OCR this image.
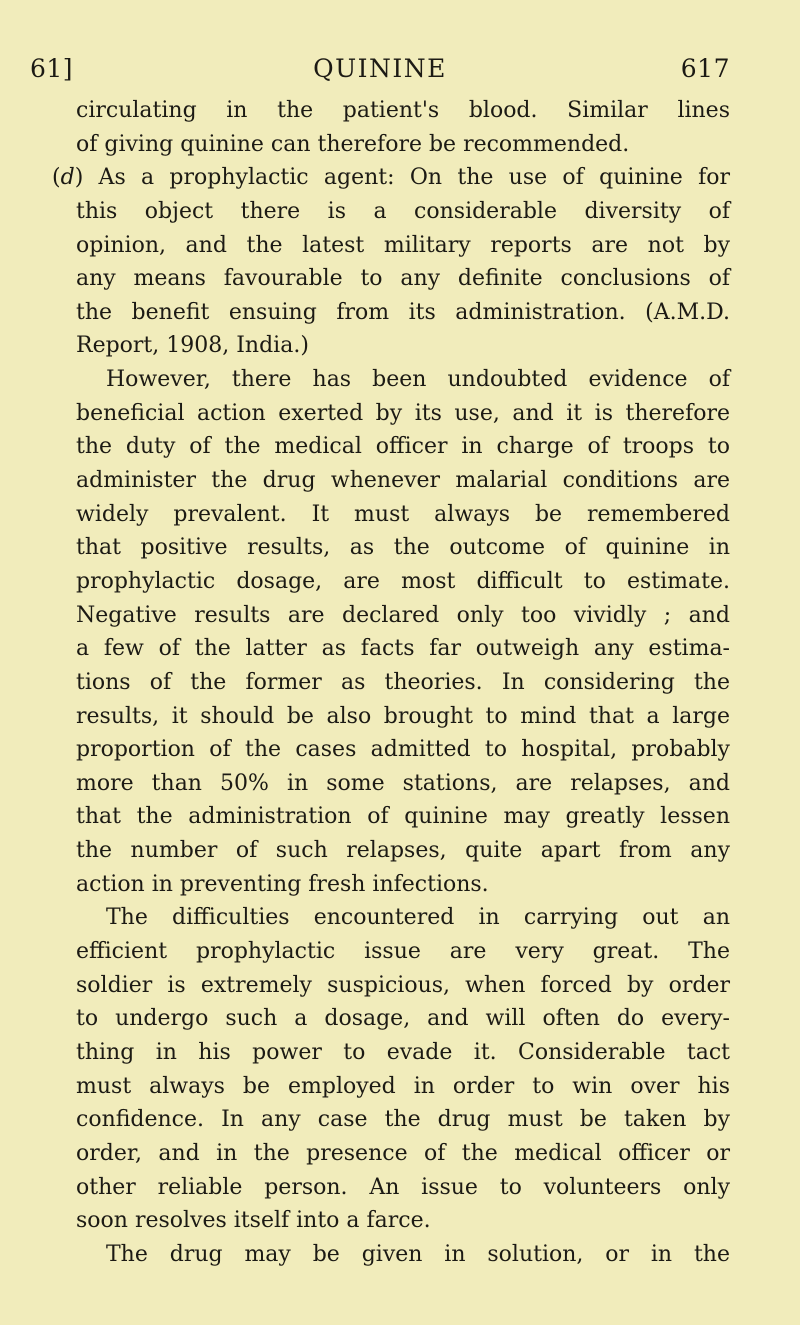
61]	QUININE	617
circulating in the patient's blood. Similar lines
of giving quinine can therefore be recommended.
(d) As a prophylactic agent: On the use of quinine for
this object there is a considerable diversity of
opinion, and the latest military reports are not by
any means favourable to any definite conclusions of
the benefit ensuing from its administration. (A.M.D.
Report, 1908, India.)
However, there has been undoubted evidence of
beneficial action exerted by its use, and it is therefore
the duty of the medical officer in charge of troops to
administer the drug whenever malarial conditions are
widely prevalent. It must always be remembered
that positive results, as the outcome of quinine in
prophylactic dosage, are most difficult to estimate.
Negative results are declared only too vividly ; and
a few of the latter as facts far outweigh any estima-
tions of the former as theories. In considering the
results, it should be also brought to mind that a large
proportion of the cases admitted to hospital, probably
more than 50% in some stations, are relapses, and
that the administration of quinine may greatly lessen
the number of such relapses, quite apart from any
action in preventing fresh infections.
The difficulties encountered in carrying out an
efficient prophylactic issue are very great. The
soldier is extremely suspicious, when forced by order
to undergo such a dosage, and will often do every-
thing in his power to evade it. Considerable tact
must always be employed in order to win over his
confidence. In any case the drug must be taken by
order, and in the presence of the medical officer or
other reliable person. An issue to volunteers only
soon resolves itself into a farce.
The drug may be given in solution, or in the
